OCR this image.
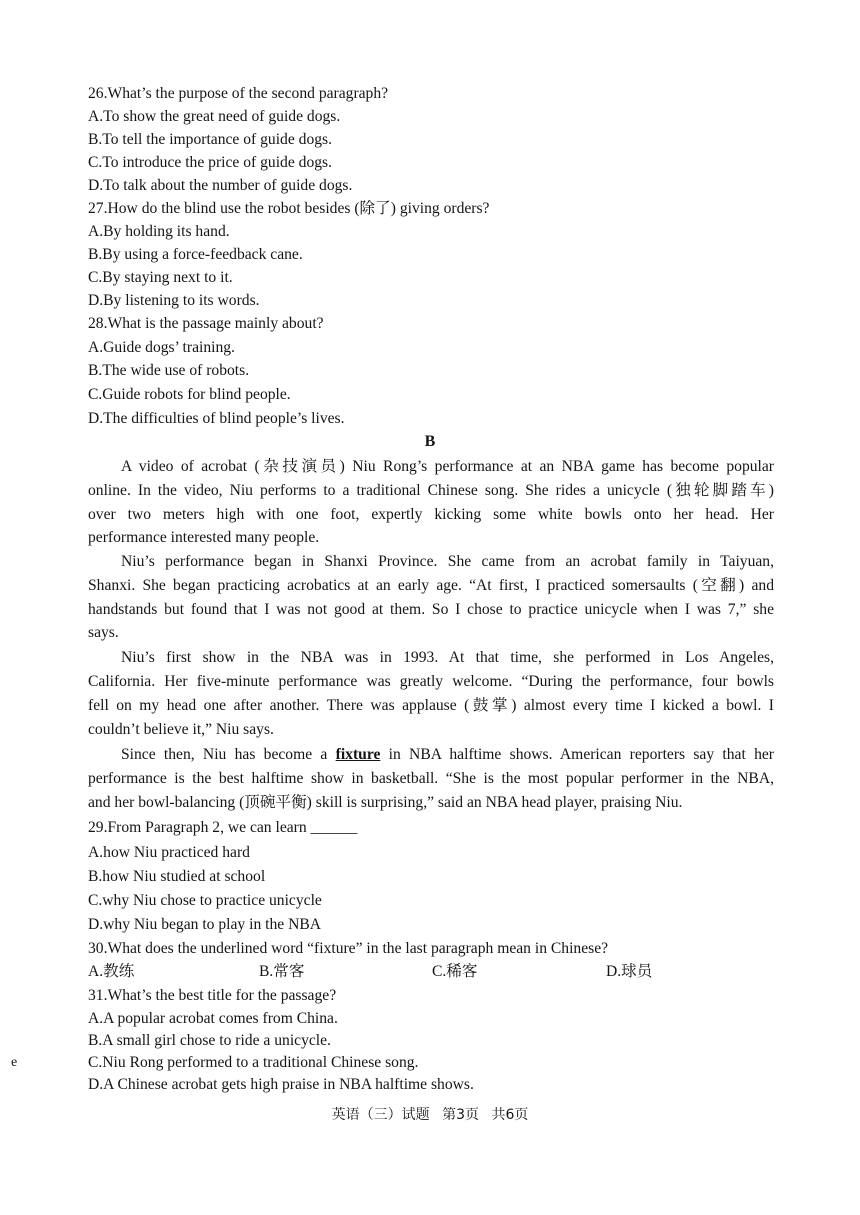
26.What’s the purpose of the second paragraph?
A.To show the great need of guide dogs.
B.To tell the importance of guide dogs.
C.To introduce the price of guide dogs.
D.To talk about the number of guide dogs.
27.How do the blind use the robot besides (除了) giving orders?
A.By holding its hand.
B.By using a force-feedback cane.
C.By staying next to it.
D.By listening to its words.
28.What is the passage mainly about?
A.Guide dogs’ training.
B.The wide use of robots.
C.Guide robots for blind people.
D.The difficulties of blind people’s lives.
B
A video of acrobat (杂技演员) Niu Rong’s performance at an NBA game has become popular
online. In the video, Niu performs to a traditional Chinese song. She rides a unicycle (独轮脚踏车)
over two meters high with one foot, expertly kicking some white bowls onto her head. Her
performance interested many people.
Niu’s performance began in Shanxi Province. She came from an acrobat family in Taiyuan,
Shanxi. She began practicing acrobatics at an early age. “At first, I practiced somersaults (空翻) and
handstands but found that I was not good at them. So I chose to practice unicycle when I was 7,” she
says.
Niu’s first show in the NBA was in 1993. At that time, she performed in Los Angeles,
California. Her five-minute performance was greatly welcome. “During the performance, four bowls
fell on my head one after another. There was applause (鼓掌) almost every time I kicked a bowl. I
couldn’t believe it,” Niu says.
Since then, Niu has become a fixture in NBA halftime shows. American reporters say that her
performance is the best halftime show in basketball. “She is the most popular performer in the NBA,
and her bowl-balancing (顶碗平衡) skill is surprising,” said an NBA head player, praising Niu.
29.From Paragraph 2, we can learn ______
A.how Niu practiced hard
B.how Niu studied at school
C.why Niu chose to practice unicycle
D.why Niu began to play in the NBA
30.What does the underlined word “fixture” in the last paragraph mean in Chinese?
A.教练	B.常客	C.稀客	D.球员
31.What’s the best title for the passage?
A.A popular acrobat comes from China.
B.A small girl chose to ride a unicycle.
C.Niu Rong performed to a traditional Chinese song.
D.A Chinese acrobat gets high praise in NBA halftime shows.
e
英语（三）试题 第3页 共6页
